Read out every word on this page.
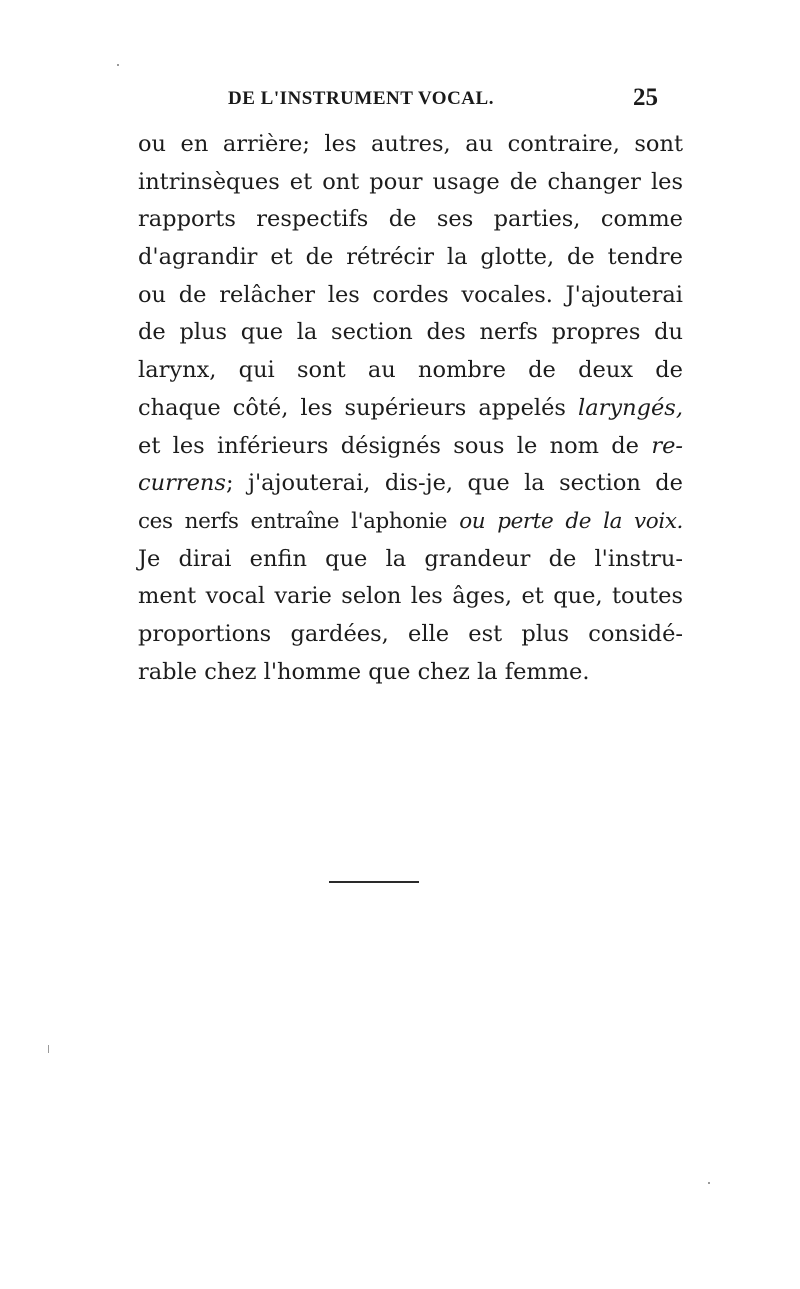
DE L'INSTRUMENT VOCAL.	25
ou en arrière; les autres, au contraire, sont
intrinsèques et ont pour usage de changer les
rapports respectifs de ses parties, comme
d'agrandir et de rétrécir la glotte, de tendre
ou de relâcher les cordes vocales. J'ajouterai
de plus que la section des nerfs propres du
larynx, qui sont au nombre de deux de
chaque côté, les supérieurs appelés laryngés,
et les inférieurs désignés sous le nom de re-
currens; j'ajouterai, dis-je, que la section de
ces nerfs entraîne l'aphonie ou perte de la voix.
Je dirai enfin que la grandeur de l'instru-
ment vocal varie selon les âges, et que, toutes
proportions gardées, elle est plus considé-
rable chez l'homme que chez la femme.
